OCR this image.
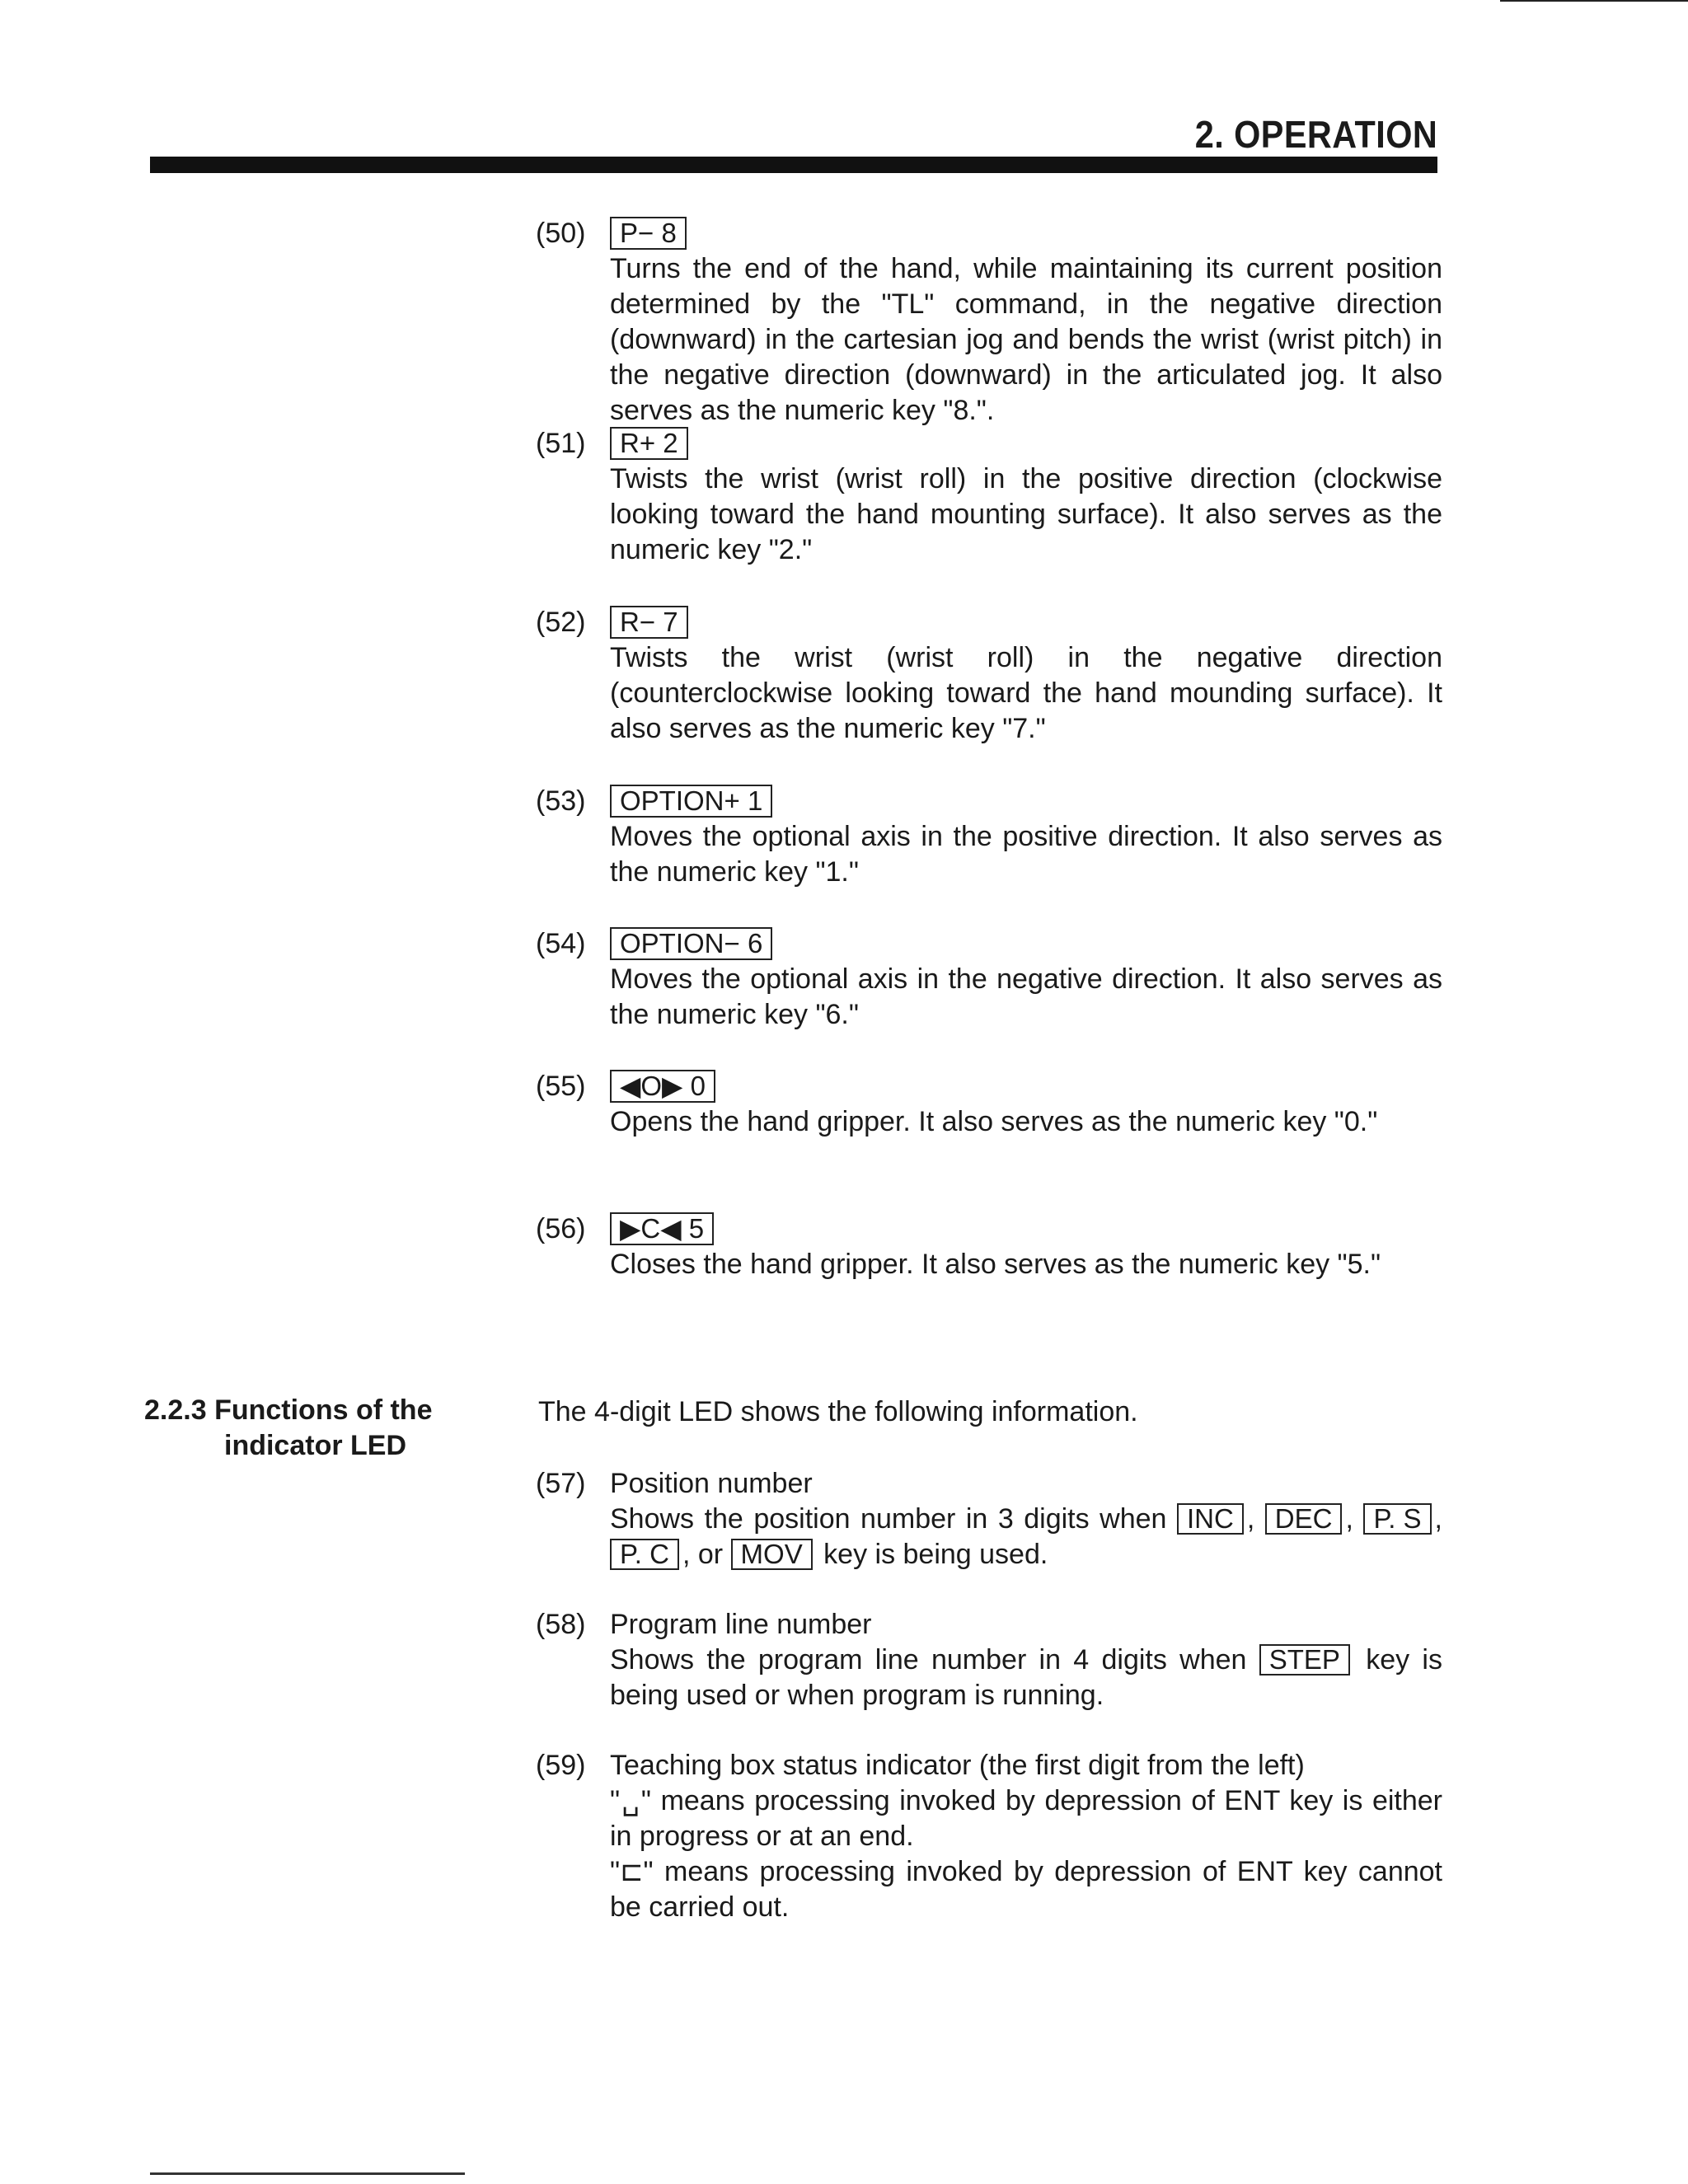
2. OPERATION
(50)	P− 8

Turns the end of the hand, while maintaining its current position determined by the "TL" command, in the negative direction (downward) in the cartesian jog and bends the wrist (wrist pitch) in the negative direction (downward) in the articulated jog. It also serves as the numeric key "8.".

(51)	R+ 2

Twists the wrist (wrist roll) in the positive direction (clockwise looking toward the hand mounting surface). It also serves as the numeric key "2."

(52)	R− 7

Twists the wrist (wrist roll) in the negative direction (counterclockwise looking toward the hand mounding surface). It also serves as the numeric key "7."

(53)	OPTION+ 1

Moves the optional axis in the positive direction. It also serves as the numeric key "1."

(54)	OPTION− 6

Moves the optional axis in the negative direction. It also serves as the numeric key "6."

(55)	◀O▶ 0

Opens the hand gripper. It also serves as the numeric key "0."

(56)	▶C◀ 5

Closes the hand gripper. It also serves as the numeric key "5."

2.2.3 Functions of the
indicator LED
The 4-digit LED shows the following information.
(57) Position number

Shows the position number in 3 digits when INC , DEC , P. S , P. C , or MOV key is being used.

(58) Program line number

Shows the program line number in 4 digits when STEP key is being used or when program is running.

(59) Teaching box status indicator (the first digit from the left)

"␣" means processing invoked by depression of ENT key is either in progress or at an end.

"⊏" means processing invoked by depression of ENT key cannot be carried out.
